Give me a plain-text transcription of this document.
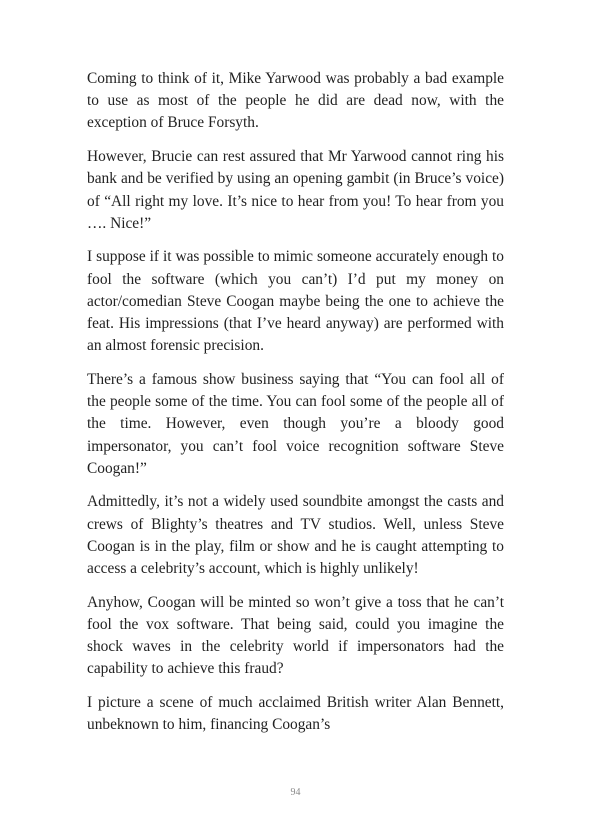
Coming to think of it, Mike Yarwood was probably a bad example to use as most of the people he did are dead now, with the exception of Bruce Forsyth.

However, Brucie can rest assured that Mr Yarwood cannot ring his bank and be verified by using an opening gambit (in Bruce’s voice) of “All right my love. It’s nice to hear from you! To hear from you …. Nice!”

I suppose if it was possible to mimic someone accurately enough to fool the software (which you can’t) I’d put my money on actor/comedian Steve Coogan maybe being the one to achieve the feat. His impressions (that I’ve heard anyway) are performed with an almost forensic precision.

There’s a famous show business saying that “You can fool all of the people some of the time. You can fool some of the people all of the time. However, even though you’re a bloody good impersonator, you can’t fool voice recognition software Steve Coogan!”

Admittedly, it’s not a widely used soundbite amongst the casts and crews of Blighty’s theatres and TV studios. Well, unless Steve Coogan is in the play, film or show and he is caught attempting to access a celebrity’s account, which is highly unlikely!

Anyhow, Coogan will be minted so won’t give a toss that he can’t fool the vox software. That being said, could you imagine the shock waves in the celebrity world if impersonators had the capability to achieve this fraud?

I picture a scene of much acclaimed British writer Alan Bennett, unbeknown to him, financing Coogan’s

94
